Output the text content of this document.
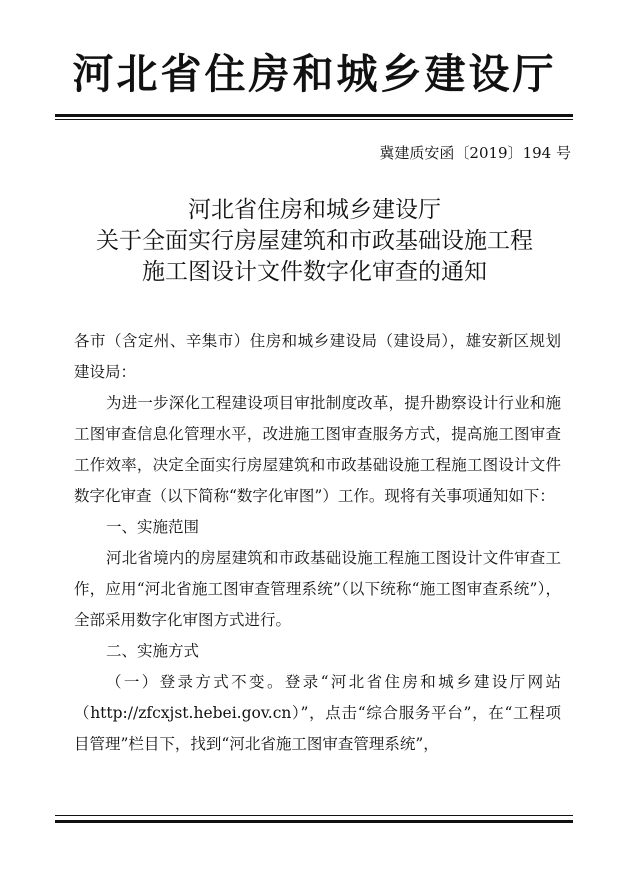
河北省住房和城乡建设厅
冀建质安函〔2019〕194 号
河北省住房和城乡建设厅
关于全面实行房屋建筑和市政基础设施工程
施工图设计文件数字化审查的通知

各市（含定州、辛集市）住房和城乡建设局（建设局），雄安新区规划建设局：

为进一步深化工程建设项目审批制度改革，提升勘察设计行业和施工图审查信息化管理水平，改进施工图审查服务方式，提高施工图审查工作效率，决定全面实行房屋建筑和市政基础设施工程施工图设计文件数字化审查（以下简称“数字化审图”）工作。现将有关事项通知如下：

一、实施范围

河北省境内的房屋建筑和市政基础设施工程施工图设计文件审查工作，应用“河北省施工图审查管理系统”（以下统称“施工图审查系统”），全部采用数字化审图方式进行。

二、实施方式

（一）登录方式不变。登录“河北省住房和城乡建设厅网站（http://zfcxjst.hebei.gov.cn）”，点击“综合服务平台”，在“工程项目管理”栏目下，找到“河北省施工图审查管理系统”，
